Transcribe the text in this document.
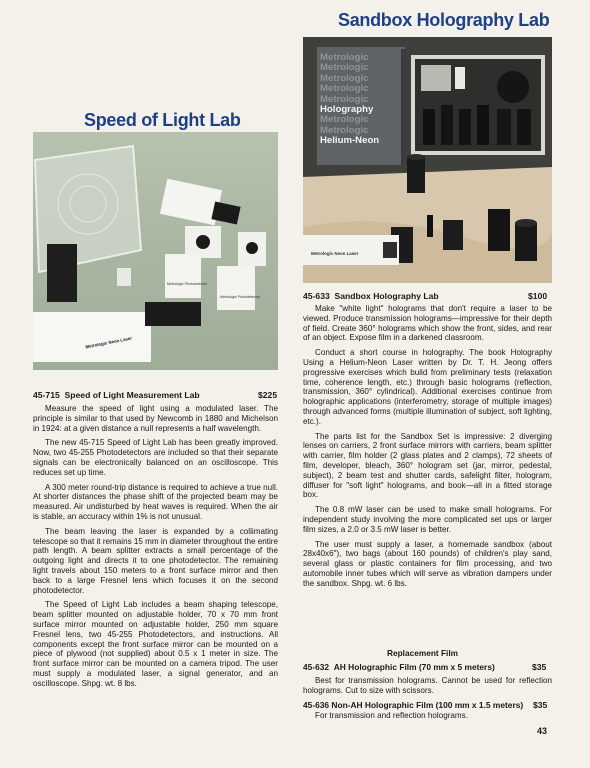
Sandbox Holography Lab
Speed of Light Lab
Metrologic
Metrologic
Metrologic
Metrologic
Metrologic
Holography
Metrologic
Metrologic
Helium-Neon
Metrologic Neon Laser
Metrologic Neon Laser
Metrologic Photodetector
Metrologic Photodetector	45-633 Sandbox Holography Lab	$100

Make "white light" holograms that don't require a laser to be viewed. Produce transmission holograms—impressive for their depth of field. Create 360° holograms which show the front, sides, and rear of an object. Expose film in a darkened classroom.

Conduct a short course in holography. The book Holography Using a Helium-Neon Laser written by Dr. T. H. Jeong offers progressive exercises which build from preliminary tests (relaxation time, coherence length, etc.) through basic holograms (reflection, transmission, 360° cylindrical). Additional exercises continue from holographic applications (interferometry, storage of multiple images) through advanced forms (multiple illumination of subject, soft lighting, etc.).

The parts list for the Sandbox Set is impressive: 2 diverging lenses on carriers, 2 front surface mirrors with carriers, beam splitter with carrier, film holder (2 glass plates and 2 clamps), 72 sheets of film, developer, bleach, 360° hologram set (jar, mirror, pedestal, subject), 2 beam test and shutter cards, safelight filter, hologram, diffuser for "soft light" holograms, and book—all in a fitted storage box.

The 0.8 mW laser can be used to make small holograms. For independent study involving the more complicated set ups or larger film sizes, a 2.0 or 3.5 mW laser is better.

The user must supply a laser, a homemade sandbox (about 28x40x6"), two bags (about 160 pounds) of children's play sand, several glass or plastic containers for film processing, and two automobile inner tubes which will serve as vibration dampers under the sandbox. Shpg. wt. 6 lbs.

Replacement Film
45-632 AH Holographic Film (70 mm x 5 meters)	$35

Best for transmission holograms. Cannot be used for reflection holograms. Cut to size with scissors.

45-636 Non-AH Holographic Film (100 mm x 1.5 meters) $35

For transmission and reflection holograms.

45-715 Speed of Light Measurement Lab	$225

Measure the speed of light using a modulated laser. The principle is similar to that used by Newcomb in 1880 and Michelson in 1924: at a given distance a null represents a half wavelength.

The new 45-715 Speed of Light Lab has been greatly improved. Now, two 45-255 Photodetectors are included so that their separate signals can be electronically balanced on an oscilloscope. This reduces set up time.

A 300 meter round-trip distance is required to achieve a true null. At shorter distances the phase shift of the projected beam may be measured. Air undisturbed by heat waves is required. When the air is stable, an accuracy within 1% is not unusual.

The beam leaving the laser is expanded by a collimating telescope so that it remains 15 mm in diameter throughout the entire path length. A beam splitter extracts a small percentage of the outgoing light and directs it to one photodetector. The remaining light travels about 150 meters to a front surface mirror and then back to a large Fresnel lens which focuses it on the second photodetector.

The Speed of Light Lab includes a beam shaping telescope, beam splitter mounted on adjustable holder, 70 x 70 mm front surface mirror mounted on adjustable holder, 250 mm square Fresnel lens, two 45-255 Photodetectors, and instructions. All components except the front surface mirror can be mounted on a piece of plywood (not supplied) about 0.5 x 1 meter in size. The front surface mirror can be mounted on a camera tripod. The user must supply a modulated laser, a signal generator, and an oscilloscope. Shpg. wt. 8 lbs.

43
